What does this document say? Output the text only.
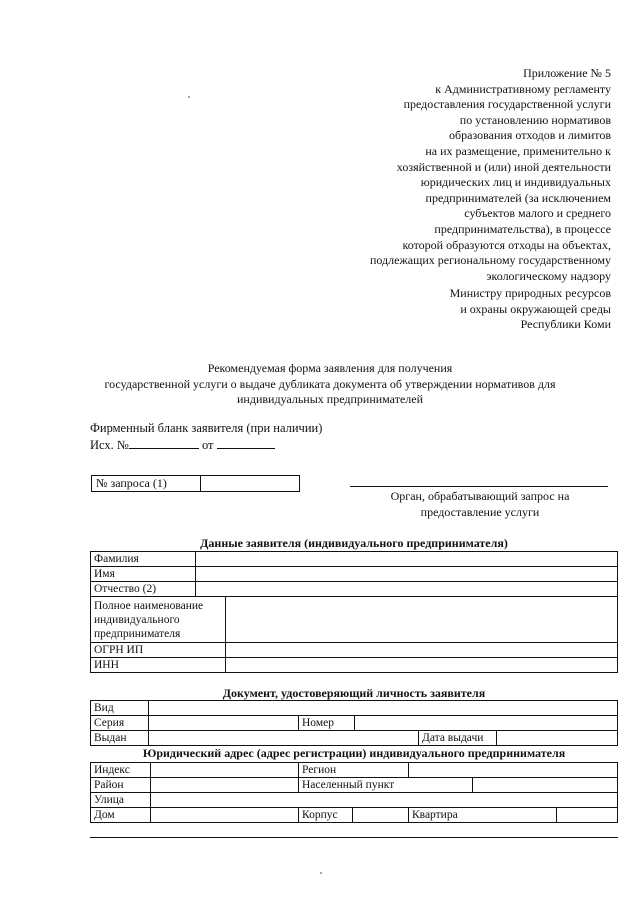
Приложение № 5
к Административному регламенту
предоставления государственной услуги
по установлению нормативов
образования отходов и лимитов
на их размещение, применительно к
хозяйственной и (или) иной деятельности
юридических лиц и индивидуальных
предпринимателей (за исключением
субъектов малого и среднего
предпринимательства), в процессе
которой образуются отходы на объектах,
подлежащих региональному государственному
экологическому надзору
Министру природных ресурсов
и охраны окружающей среды
Республики Коми
Рекомендуемая форма заявления для получения
государственной услуги о выдаче дубликата документа об утверждении нормативов для
индивидуальных предпринимателей
Фирменный бланк заявителя (при наличии)
Исх. №	от
№ запроса (1)
Орган, обрабатывающий запрос на
предоставление услуги
Данные заявителя (индивидуального предпринимателя)
Фамилия		
Имя		
Отчество (2)		
Полное наименование индивидуального предпринимателя		
ОГРН ИП		
ИНН		
Документ, удостоверяющий личность заявителя
Вид					
Серия		Номер			
Выдан				Дата выдачи	
Юридический адрес (адрес регистрации) индивидуального предпринимателя
Индекс		Регион				
Район		Населенный пункт				
Улица						
Дом		Корпус		Квартира		
